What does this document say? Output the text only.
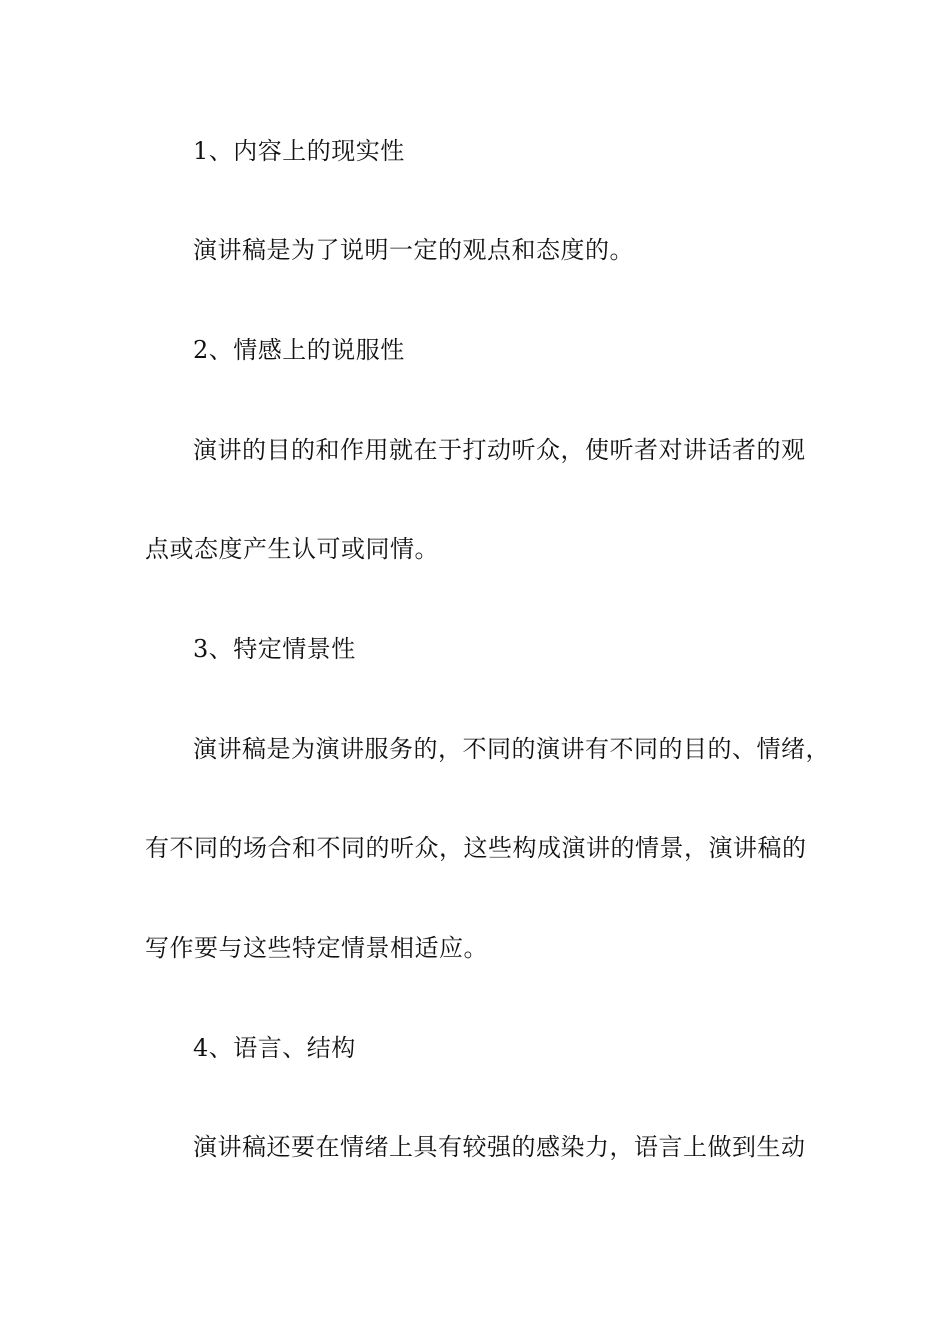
1、内容上的现实性

演讲稿是为了说明一定的观点和态度的。

2、情感上的说服性

演讲的目的和作用就在于打动听众，使听者对讲话者的观

点或态度产生认可或同情。

3、特定情景性

演讲稿是为演讲服务的，不同的演讲有不同的目的、情绪，

有不同的场合和不同的听众，这些构成演讲的情景，演讲稿的

写作要与这些特定情景相适应。

4、语言、结构

演讲稿还要在情绪上具有较强的感染力，语言上做到生动
